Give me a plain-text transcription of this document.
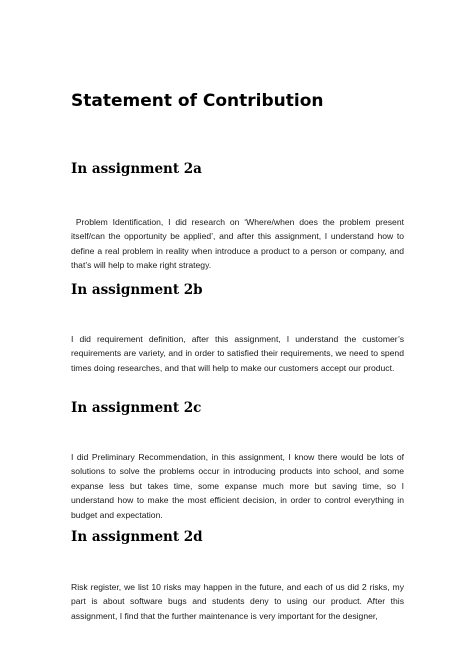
Statement of Contribution
In assignment 2a

Problem Identification, I did research on ‘Where/when does the problem present itself/can the opportunity be applied’, and after this assignment, I understand how to define a real problem in reality when introduce a product to a person or company, and that’s will help to make right strategy.

In assignment 2b

I did requirement definition, after this assignment, I understand the customer’s requirements are variety, and in order to satisfied their requirements, we need to spend times doing researches, and that will help to make our customers accept our product.

In assignment 2c

I did Preliminary Recommendation, in this assignment, I know there would be lots of solutions to solve the problems occur in introducing products into school, and some expanse less but takes time, some expanse much more but saving time, so I understand how to make the most efficient decision, in order to control everything in budget and expectation.

In assignment 2d

Risk register, we list 10 risks may happen in the future, and each of us did 2 risks, my part is about software bugs and students deny to using our product. After this assignment, I find that the further maintenance is very important for the designer,
